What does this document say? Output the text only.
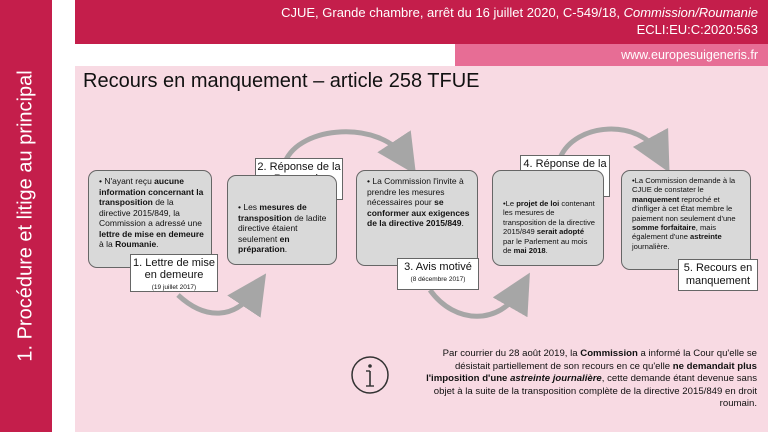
1. Procédure et litige au principal
CJUE, Grande chambre, arrêt du 16 juillet 2020, C-549/18, Commission/Roumanie
ECLI:EU:C:2020:563
www.europesuigeneris.fr
Recours en manquement – article 258 TFUE
• N'ayant reçu aucune information concernant la transposition de la directive 2015/849, la Commission a adressé une lettre de mise en demeure à la Roumanie.
1. Lettre de mise en demeure
(19 juillet 2017)
2. Réponse de la
• Les mesures de transposition de ladite directive étaient seulement en préparation.
• La Commission l'invite à prendre les mesures nécessaires pour se conformer aux exigences de la directive 2015/849.
3. Avis motivé
(8 décembre 2017)
4. Réponse de la
•Le projet de loi contenant les mesures de transposition de la directive 2015/849 serait adopté par le Parlement au mois de mai 2018.
•La Commission demande à la CJUE de constater le manquement reproché et d'infliger à cet État membre le paiement non seulement d'une somme forfaitaire, mais également d'une astreinte journalière.
5. Recours en manquement
Par courrier du 28 août 2019, la Commission a informé la Cour qu'elle se désistait partiellement de son recours en ce qu'elle ne demandait plus l'imposition d'une astreinte journalière, cette demande étant devenue sans objet à la suite de la transposition complète de la directive 2015/849 en droit roumain.
